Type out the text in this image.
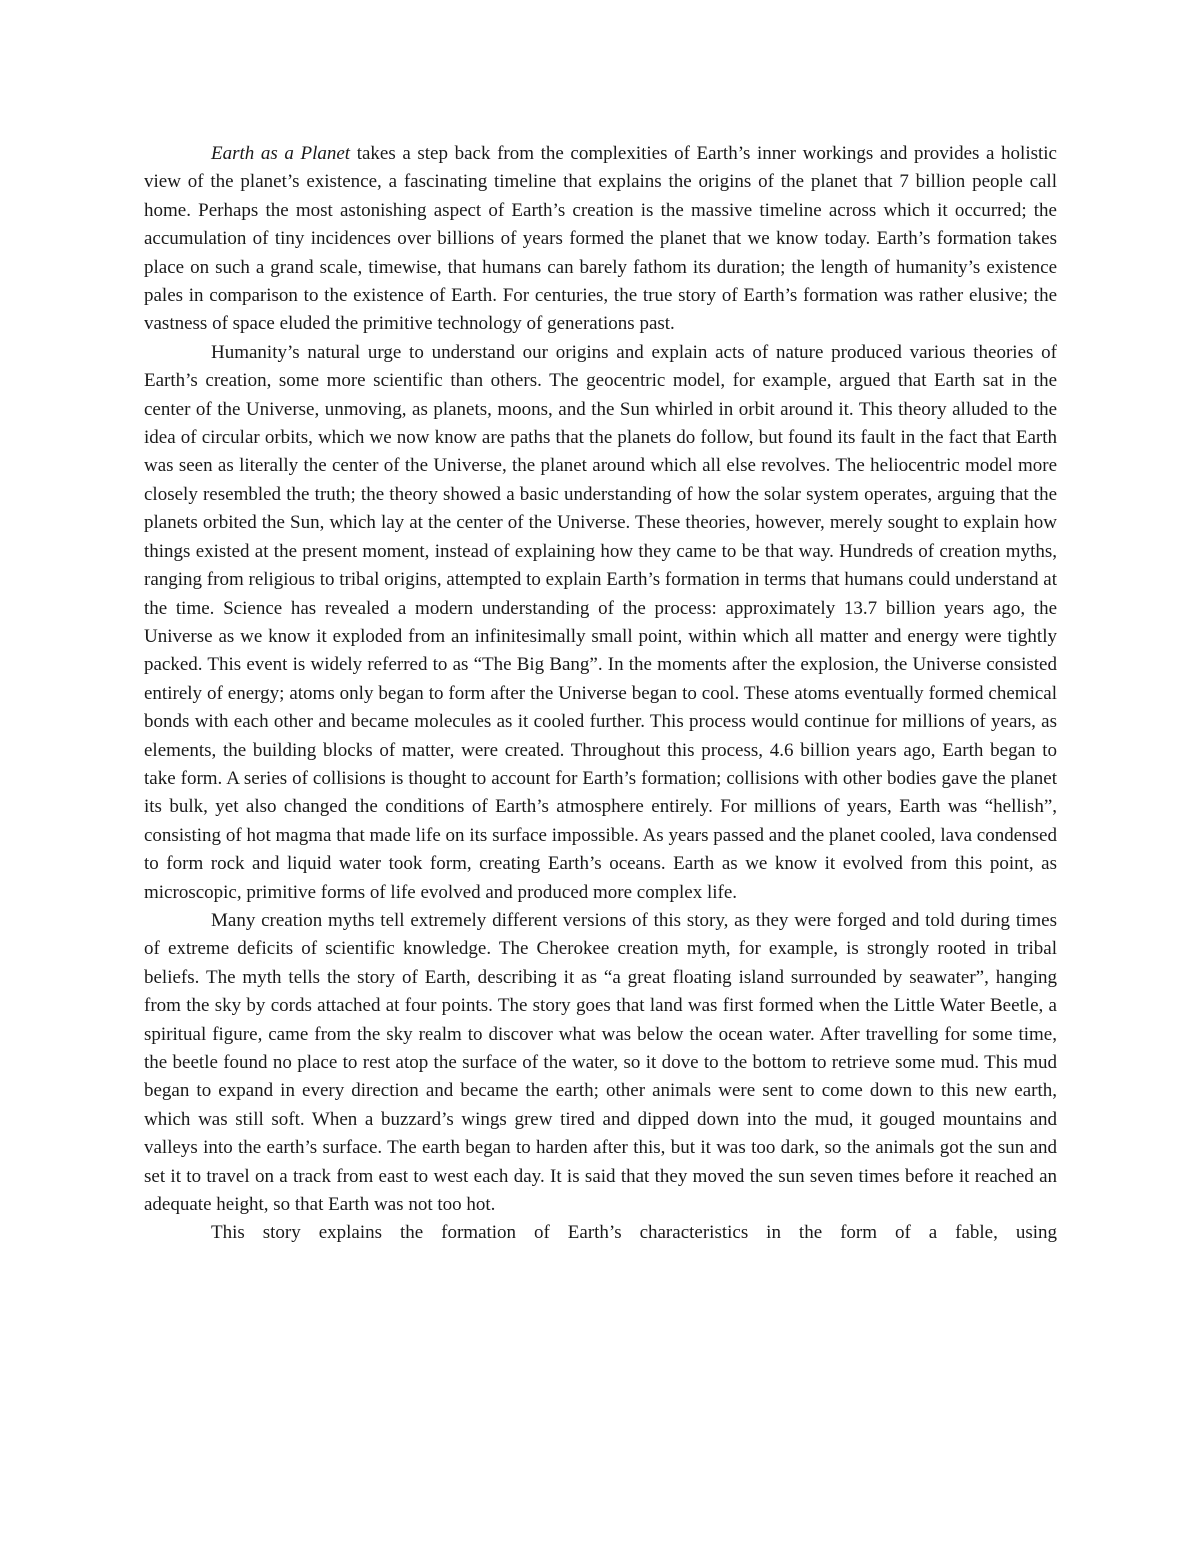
Earth as a Planet takes a step back from the complexities of Earth’s inner workings and provides a holistic view of the planet’s existence, a fascinating timeline that explains the origins of the planet that 7 billion people call home. Perhaps the most astonishing aspect of Earth’s creation is the massive timeline across which it occurred; the accumulation of tiny incidences over billions of years formed the planet that we know today. Earth’s formation takes place on such a grand scale, timewise, that humans can barely fathom its duration; the length of humanity’s existence pales in comparison to the existence of Earth. For centuries, the true story of Earth’s formation was rather elusive; the vastness of space eluded the primitive technology of generations past.

Humanity’s natural urge to understand our origins and explain acts of nature produced various theories of Earth’s creation, some more scientific than others. The geocentric model, for example, argued that Earth sat in the center of the Universe, unmoving, as planets, moons, and the Sun whirled in orbit around it. This theory alluded to the idea of circular orbits, which we now know are paths that the planets do follow, but found its fault in the fact that Earth was seen as literally the center of the Universe, the planet around which all else revolves. The heliocentric model more closely resembled the truth; the theory showed a basic understanding of how the solar system operates, arguing that the planets orbited the Sun, which lay at the center of the Universe. These theories, however, merely sought to explain how things existed at the present moment, instead of explaining how they came to be that way. Hundreds of creation myths, ranging from religious to tribal origins, attempted to explain Earth’s formation in terms that humans could understand at the time. Science has revealed a modern understanding of the process: approximately 13.7 billion years ago, the Universe as we know it exploded from an infinitesimally small point, within which all matter and energy were tightly packed. This event is widely referred to as “The Big Bang”. In the moments after the explosion, the Universe consisted entirely of energy; atoms only began to form after the Universe began to cool. These atoms eventually formed chemical bonds with each other and became molecules as it cooled further. This process would continue for millions of years, as elements, the building blocks of matter, were created. Throughout this process, 4.6 billion years ago, Earth began to take form. A series of collisions is thought to account for Earth’s formation; collisions with other bodies gave the planet its bulk, yet also changed the conditions of Earth’s atmosphere entirely. For millions of years, Earth was “hellish”, consisting of hot magma that made life on its surface impossible. As years passed and the planet cooled, lava condensed to form rock and liquid water took form, creating Earth’s oceans. Earth as we know it evolved from this point, as microscopic, primitive forms of life evolved and produced more complex life.

Many creation myths tell extremely different versions of this story, as they were forged and told during times of extreme deficits of scientific knowledge. The Cherokee creation myth, for example, is strongly rooted in tribal beliefs. The myth tells the story of Earth, describing it as “a great floating island surrounded by seawater”, hanging from the sky by cords attached at four points. The story goes that land was first formed when the Little Water Beetle, a spiritual figure, came from the sky realm to discover what was below the ocean water. After travelling for some time, the beetle found no place to rest atop the surface of the water, so it dove to the bottom to retrieve some mud. This mud began to expand in every direction and became the earth; other animals were sent to come down to this new earth, which was still soft. When a buzzard’s wings grew tired and dipped down into the mud, it gouged mountains and valleys into the earth’s surface. The earth began to harden after this, but it was too dark, so the animals got the sun and set it to travel on a track from east to west each day. It is said that they moved the sun seven times before it reached an adequate height, so that Earth was not too hot.

This story explains the formation of Earth’s characteristics in the form of a fable, using
